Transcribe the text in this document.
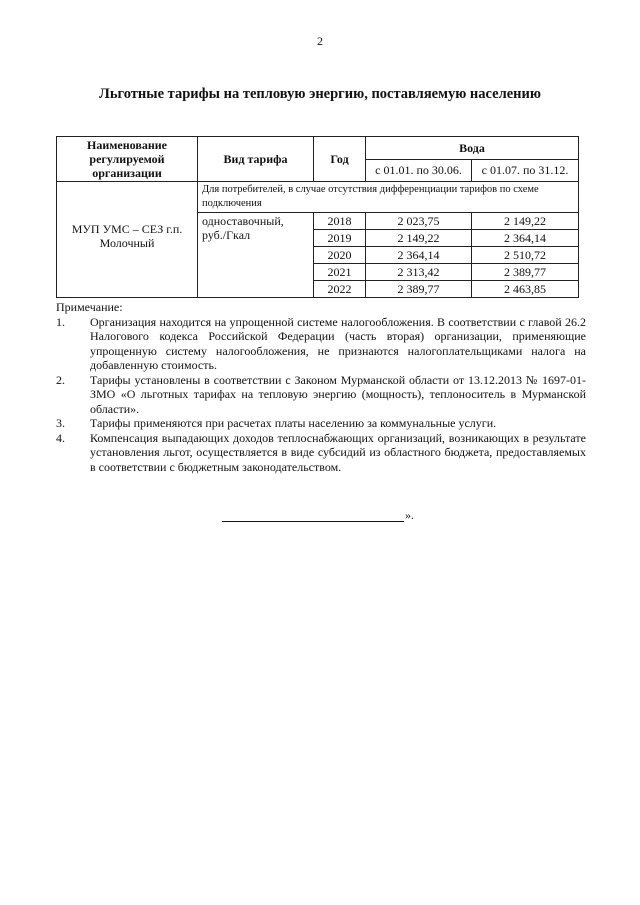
2
Льготные тарифы на тепловую энергию, поставляемую населению
Наименование регулируемой организации	Вид тарифа	Год	Вода	
			с 01.01. по 30.06.	с 01.07. по 31.12.
МУП УМС – СЕЗ г.п. Молочный	Для потребителей, в случае отсутствия дифференциации тарифов по схеме подключения			
	одноставочный, руб./Гкал	2018	2 023,75	2 149,22
		2019	2 149,22	2 364,14
		2020	2 364,14	2 510,72
		2021	2 313,42	2 389,77
		2022	2 389,77	2 463,85

Примечание:

1.	Организация находится на упрощенной системе налогообложения. В соответствии с главой 26.2 Налогового кодекса Российской Федерации (часть вторая) организации, применяющие упрощенную систему налогообложения, не признаются налогоплательщиками налога на добавленную стоимость.
2.	Тарифы установлены в соответствии с Законом Мурманской области от 13.12.2013 № 1697-01-ЗМО «О льготных тарифах на тепловую энергию (мощность), теплоноситель в Мурманской области».
3.	Тарифы применяются при расчетах платы населению за коммунальные услуги.
4.	Компенсация выпадающих доходов теплоснабжающих организаций, возникающих в результате установления льгот, осуществляется в виде субсидий из областного бюджета, предоставляемых в соответствии с бюджетным законодательством.
».
